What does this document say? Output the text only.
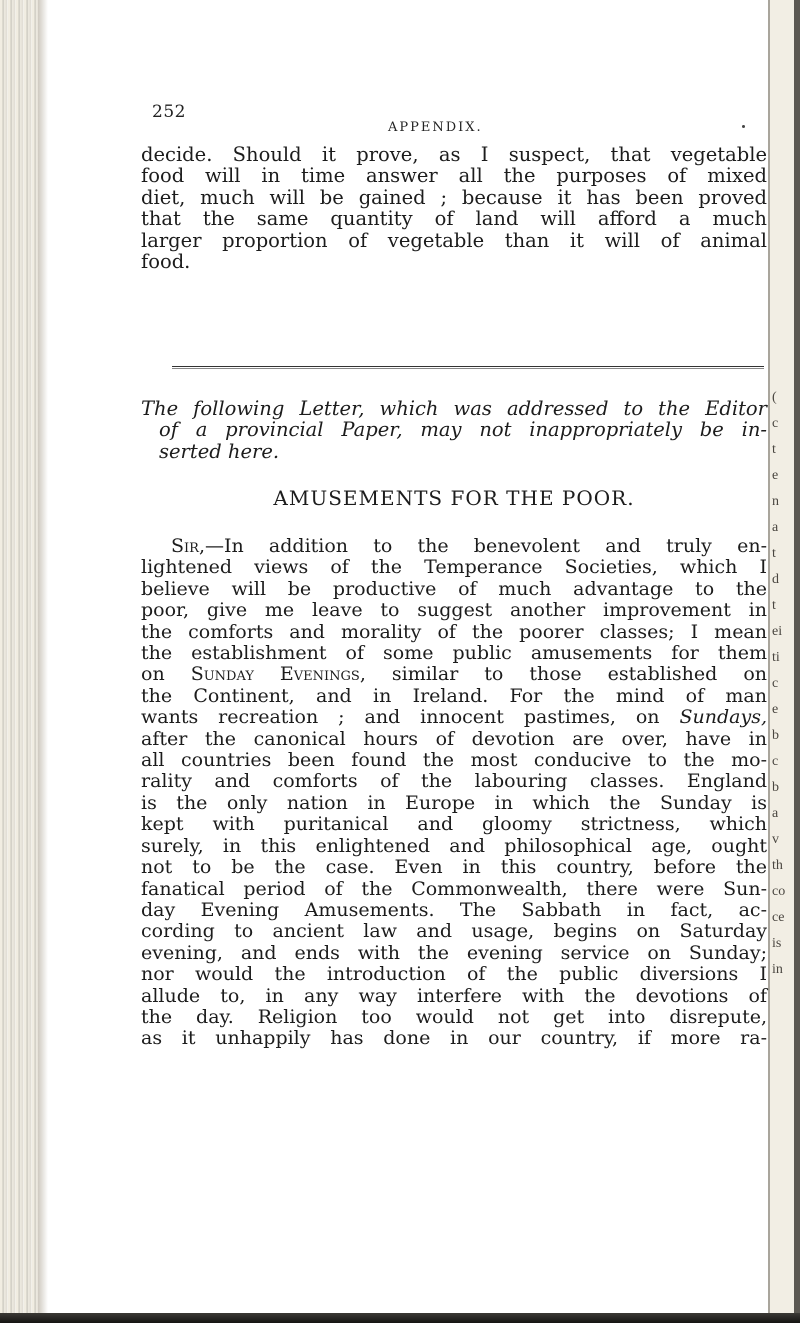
(
c
t
e
n
a
t
d
t
ei
ti
c
e
b
c
b
a
v
th
co
ce
is
in
252
APPENDIX.
decide. Should it prove, as I suspect, that vegetable
food will in time answer all the purposes of mixed
diet, much will be gained ; because it has been proved
that the same quantity of land will afford a much
larger proportion of vegetable than it will of animal
food.
The following Letter, which was addressed to the Editor
of a provincial Paper, may not inappropriately be in-
serted here.
AMUSEMENTS FOR THE POOR.
Sir,—In addition to the benevolent and truly en-
lightened views of the Temperance Societies, which I
believe will be productive of much advantage to the
poor, give me leave to suggest another improvement in
the comforts and morality of the poorer classes; I mean
the establishment of some public amusements for them
on Sunday Evenings, similar to those established on
the Continent, and in Ireland. For the mind of man
wants recreation ; and innocent pastimes, on Sundays,
after the canonical hours of devotion are over, have in
all countries been found the most conducive to the mo-
rality and comforts of the labouring classes. England
is the only nation in Europe in which the Sunday is
kept with puritanical and gloomy strictness, which
surely, in this enlightened and philosophical age, ought
not to be the case. Even in this country, before the
fanatical period of the Commonwealth, there were Sun-
day Evening Amusements. The Sabbath in fact, ac-
cording to ancient law and usage, begins on Saturday
evening, and ends with the evening service on Sunday;
nor would the introduction of the public diversions I
allude to, in any way interfere with the devotions of
the day. Religion too would not get into disrepute,
as it unhappily has done in our country, if more ra-
